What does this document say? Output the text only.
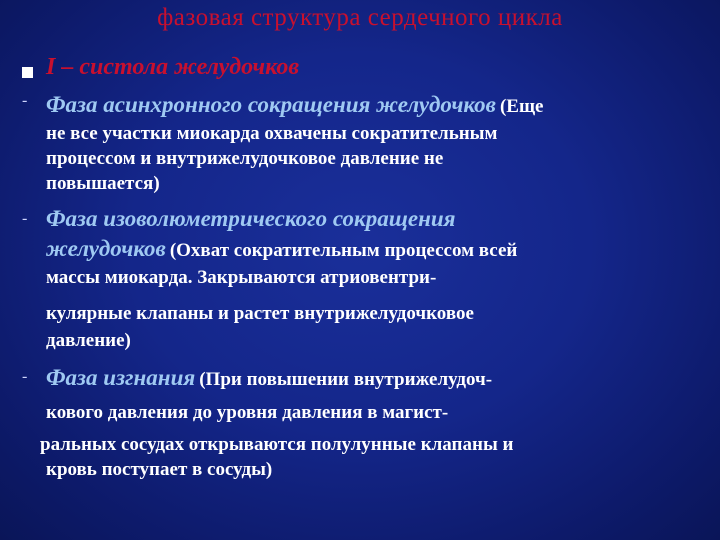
фазовая структура сердечного цикла
I – систола желудочков
- Фаза асинхронного сокращения желудочков (Еще
не все участки миокарда охвачены сократительным
процессом и внутрижелудочковое давление не
повышается)
- Фаза изоволюметрического сокращения
желудочков (Охват сократительным процессом всей
массы миокарда. Закрываются атриовентри-
кулярные клапаны и растет внутрижелудочковое
давление)
- Фаза изгнания (При повышении внутрижелудоч-
кового давления до уровня давления в магист-
ральных сосудах открываются полулунные клапаны и
кровь поступает в сосуды)
